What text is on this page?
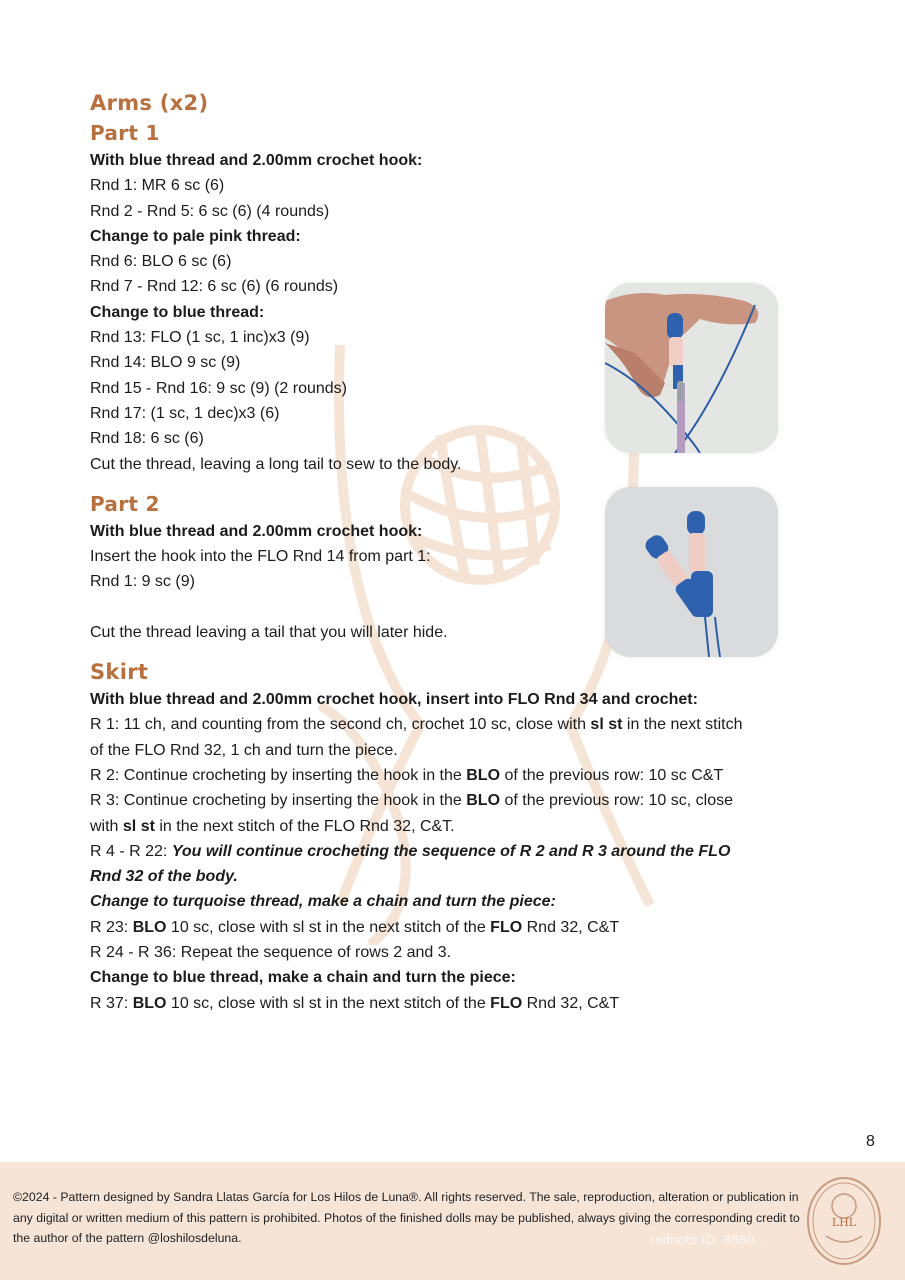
Arms (x2)
Part 1
With blue thread and 2.00mm crochet hook:
Rnd 1: MR 6 sc (6)
Rnd 2 - Rnd 5: 6 sc (6) (4 rounds)
Change to pale pink thread:
Rnd 6: BLO 6 sc (6)
Rnd 7 - Rnd 12: 6 sc (6) (6 rounds)
Change to blue thread:
Rnd 13: FLO (1 sc, 1 inc)x3 (9)
Rnd 14: BLO 9 sc (9)
Rnd 15 - Rnd 16: 9 sc (9) (2 rounds)
Rnd 17: (1 sc, 1 dec)x3 (6)
Rnd 18: 6 sc (6)
Cut the thread, leaving a long tail to sew to the body.
Part 2
With blue thread and 2.00mm crochet hook:
Insert the hook into the FLO Rnd 14 from part 1:
Rnd 1: 9 sc (9)
Cut the thread leaving a tail that you will later hide.
Skirt
With blue thread and 2.00mm crochet hook, insert into FLO Rnd 34 and crochet:
R 1: 11 ch, and counting from the second ch, crochet 10 sc, close with sl st in the next stitch
of the FLO Rnd 32, 1 ch and turn the piece.
R 2: Continue crocheting by inserting the hook in the BLO of the previous row: 10 sc C&T
R 3: Continue crocheting by inserting the hook in the BLO of the previous row: 10 sc, close
with sl st in the next stitch of the FLO Rnd 32, C&T.
R 4 - R 22: You will continue crocheting the sequence of R 2 and R 3 around the FLO
Rnd 32 of the body.
Change to turquoise thread, make a chain and turn the piece:
R 23: BLO 10 sc, close with sl st in the next stitch of the FLO Rnd 32, C&T
R 24 - R 36: Repeat the sequence of rows 2 and 3.
Change to blue thread, make a chain and turn the piece:
R 37: BLO 10 sc, close with sl st in the next stitch of the FLO Rnd 32, C&T
8
©2024 - Pattern designed by Sandra Llatas García for Los Hilos de Luna®. All rights reserved. The sale, reproduction, alteration or publication in any digital or written medium of this pattern is prohibited. Photos of the finished dolls may be published, always giving the corresponding credit to the author of the pattern @loshilosdeluna.
LHL
rednote ID: 8860...
